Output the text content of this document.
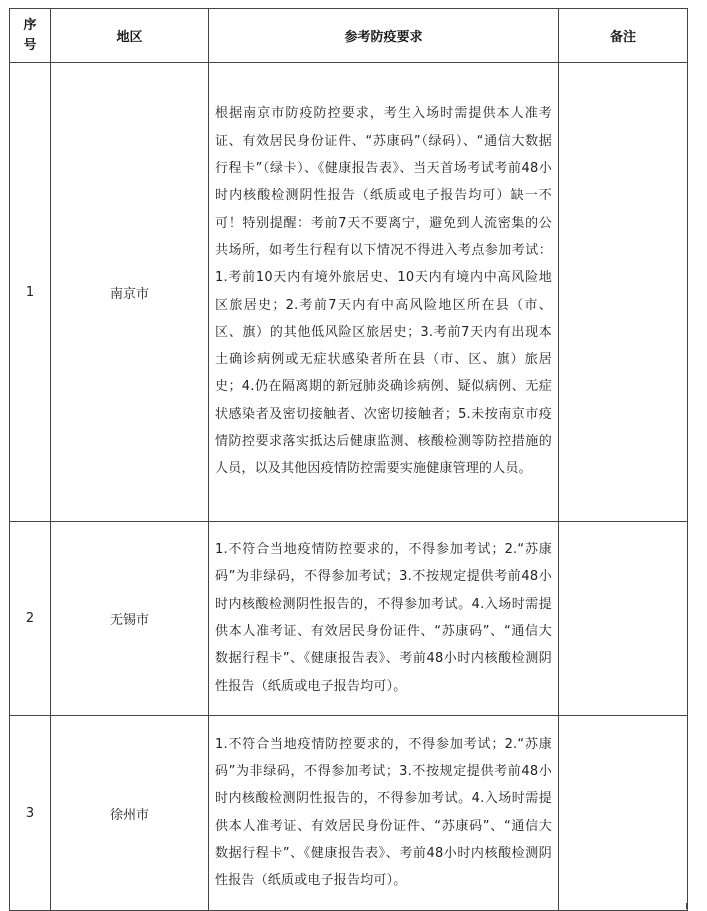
序
号	地区	参考防疫要求	备注
1	南京市	根据南京市防疫防控要求，考生入场时需提供本人准考证、有效居民身份证件、“苏康码”（绿码）、“通信大数据行程卡”（绿卡）、《健康报告表》、当天首场考试考前48小时内核酸检测阴性报告（纸质或电子报告均可）缺一不可！特别提醒：考前7天不要离宁，避免到人流密集的公共场所，如考生行程有以下情况不得进入考点参加考试：1.考前10天内有境外旅居史、10天内有境内中高风险地区旅居史；2.考前7天内有中高风险地区所在县（市、区、旗）的其他低风险区旅居史；3.考前7天内有出现本土确诊病例或无症状感染者所在县（市、区、旗）旅居史；4.仍在隔离期的新冠肺炎确诊病例、疑似病例、无症状感染者及密切接触者、次密切接触者；5.未按南京市疫情防控要求落实抵达后健康监测、核酸检测等防控措施的人员，以及其他因疫情防控需要实施健康管理的人员。	
2	无锡市	1.不符合当地疫情防控要求的，不得参加考试；2.“苏康码”为非绿码，不得参加考试；3.不按规定提供考前48小时内核酸检测阴性报告的，不得参加考试。4.入场时需提供本人准考证、有效居民身份证件、“苏康码”、“通信大数据行程卡”、《健康报告表》、考前48小时内核酸检测阴性报告（纸质或电子报告均可）。	
3	徐州市	1.不符合当地疫情防控要求的，不得参加考试；2.“苏康码”为非绿码，不得参加考试；3.不按规定提供考前48小时内核酸检测阴性报告的，不得参加考试。4.入场时需提供本人准考证、有效居民身份证件、“苏康码”、“通信大数据行程卡”、《健康报告表》、考前48小时内核酸检测阴性报告（纸质或电子报告均可）。	
